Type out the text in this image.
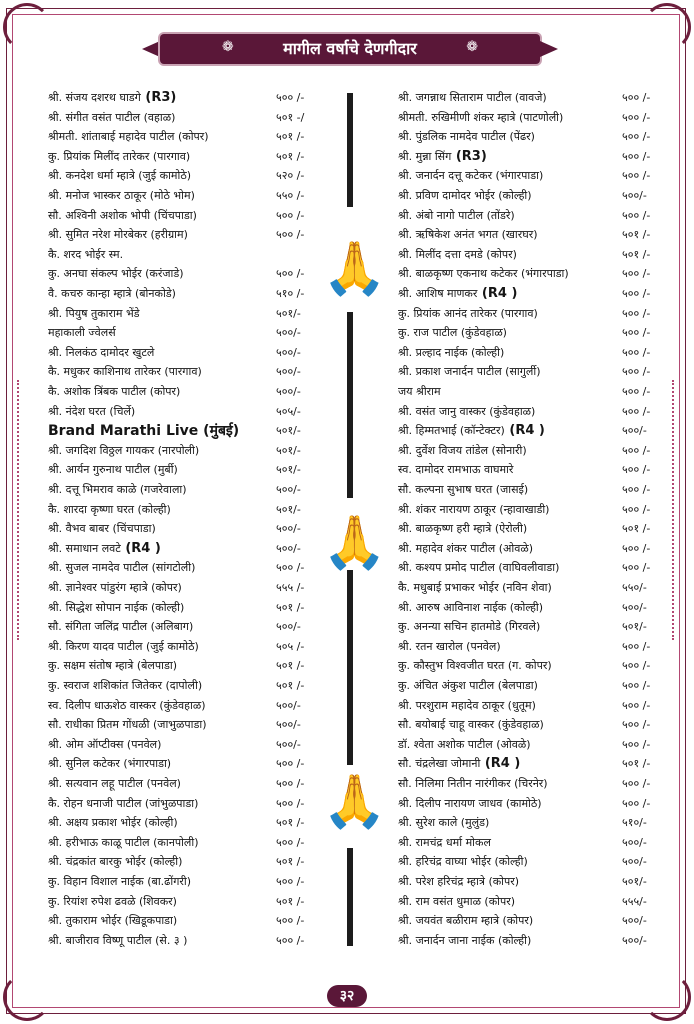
❁	मागील वर्षाचे देणगीदार	❁
🙏
🙏
🙏
श्री. संजय दशरथ घाडगे (R3)	५०० /-
श्री. संगीत वसंत पाटील (वहाळ)	५०१ -/
श्रीमती. शांताबाई महादेव पाटील (कोपर)	५०१ /-
कु. प्रियांक मिलींद तारेकर (पारगाव)	५०१ /-
श्री. कनदेश धर्मा म्हात्रे (जुई कामोठे)	५२० /-
श्री. मनोज भास्कर ठाकूर (मोठे भोम)	५५० /-
सौ. अश्विनी अशोक भोपी (चिंचपाडा)	५०० /-
श्री. सुमित नरेश मोरबेकर (हरीग्राम)	५०० /-
कै. शरद भोईर स्म.
कु. अनघा संकल्प भोईर (करंजाडे)	५०० /-
वै. कचरु कान्हा म्हात्रे (बोनकोडे)	५१० /-
श्री. पियुष तुकाराम भेंडे	५०१/-
महाकाली ज्वेलर्स	५००/-
श्री. निलकंठ दामोदर खुटले	५००/-
कै. मधुकर काशिनाथ तारेकर (पारगाव)	५००/-
कै. अशोक त्रिंबक पाटील (कोपर)	५००/-
श्री. नंदेश घरत (चिर्ले)	५०५/-
Brand Marathi Live (मुंबई)	५०१/-
श्री. जगदिश विठ्ठल गायकर (नारपोली)	५०१/-
श्री. आर्यन गुरुनाथ पाटील (मुर्बी)	५०१/-
श्री. दत्तू भिमराव काळे (गजरेवाला)	५००/-
कै. शारदा कृष्णा घरत (कोल्ही)	५०१/-
श्री. वैभव बाबर (चिंचपाडा)	५००/-
श्री. समाधान लवटे (R4 )	५००/-
श्री. सुजल नामदेव पाटील (सांगटोली)	५०० /-
श्री. ज्ञानेश्वर पांडुरंग म्हात्रे (कोपर)	५५५ /-
श्री. सिद्धेश सोपान नाईक (कोल्ही)	५०१ /-
सौ. संगिता जलिंद्र पाटील (अलिबाग)	५००/-
श्री. किरण यादव पाटील (जुई कामोठे)	५०५ /-
कु. सक्षम संतोष म्हात्रे (बेलपाडा)	५०१ /-
कु. स्वराज शशिकांत जितेकर (दापोली)	५०१ /-
स्व. दिलीप धाऊशेठ वास्कर (कुंडेवहाळ)	५००/-
सौ. राधीका प्रितम गोंधळी (जाभुळपाडा)	५००/-
श्री. ओम ऑप्टीक्स (पनवेल)	५००/-
श्री. सुनिल कटेकर (भंगारपाडा)	५०० /-
श्री. सत्यवान लहू पाटील (पनवेल)	५०० /-
कै. रोहन धनाजी पाटील (जांभुळपाडा)	५०० /-
श्री. अक्षय प्रकाश भोईर (कोल्ही)	५०१ /-
श्री. हरीभाऊ काळू पाटील (कानपोली)	५०० /-
श्री. चंद्रकांत बारकु भोईर (कोल्ही)	५०१ /-
कु. विहान विशाल नाईक (बा.ढोंगरी)	५०० /-
कु. रियांश रुपेश ढवळे (शिवकर)	५०१ /-
श्री. तुकाराम भोईर (खिडूकपाडा)	५०० /-
श्री. बाजीराव विष्णू पाटील (से. ३ )	५०० /-
श्री. जगन्नाथ सिताराम पाटील (वावजे)	५०० /-
श्रीमती. रुखिमीणी शंकर म्हात्रे (पाटणोली)	५०० /-
श्री. पुंडलिक नामदेव पाटील (पेंढर)	५०० /-
श्री. मुन्ना सिंग (R3)	५०० /-
श्री. जनार्दन दत्तू कटेकर (भंगारपाडा)	५०० /-
श्री. प्रविण दामोदर भोईर (कोल्ही)	५००/-
श्री. अंबो नागो पाटील (तोंडरे)	५०० /-
श्री. ऋषिकेश अनंत भगत (खारघर)	५०१ /-
श्री. मिलींद दत्ता दमडे (कोपर)	५०१ /-
श्री. बाळकृष्ण एकनाथ कटेकर (भंगारपाडा)	५०० /-
श्री. आशिष माणकर (R4 )	५०० /-
कु. प्रियांक आनंद तारेकर (पारगाव)	५०० /-
कु. राज पाटील (कुंडेवहाळ)	५०० /-
श्री. प्रल्हाद नाईक (कोल्ही)	५०० /-
श्री. प्रकाश जनार्दन पाटील (सागुर्ली)	५०० /-
जय श्रीराम	५०० /-
श्री. वसंत जानु वास्कर (कुंडेवहाळ)	५०० /-
श्री. हिम्मतभाई (कॉन्टेक्टर) (R4 )	५००/-
श्री. दुर्वेश विजय तांडेल (सोनारी)	५०० /-
स्व. दामोदर रामभाऊ वाघमारे	५०० /-
सौ. कल्पना सुभाष घरत (जासई)	५०० /-
श्री. शंकर नारायण ठाकूर (न्हावाखाडी)	५०० /-
श्री. बाळकृष्ण हरी म्हात्रे (ऐरोली)	५०१ /-
श्री. महादेव शंकर पाटील (ओवळे)	५०० /-
श्री. कश्यप प्रमोद पाटील (वाघिवलीवाडा)	५०० /-
कै. मधुबाई प्रभाकर भोईर (नविन शेवा)	५५०/-
श्री. आरुष आविनाश नाईक (कोल्ही)	५००/-
कु. अनन्या सचिन हातमोडे (गिरवले)	५०१/-
श्री. रतन खारोल (पनवेल)	५०० /-
कु. कौस्तुभ विश्वजीत घरत (ग. कोपर)	५०० /-
कु. अंचित अंकुश पाटील (बेलपाडा)	५०० /-
श्री. परशुराम महादेव ठाकूर (धुतूम)	५०० /-
सौ. बयोबाई चाहू वास्कर (कुंडेवहाळ)	५०० /-
डॉ. श्वेता अशोक पाटील (ओवळे)	५०० /-
सौ. चंद्रलेखा जोमानी (R4 )	५०१ /-
सौ. निलिमा नितीन नारंगीकर (चिरनेर)	५०० /-
श्री. दिलीप नारायण जाधव (कामोठे)	५०० /-
श्री. सुरेश काले (मुलुंड)	५१०/-
श्री. रामचंद्र धर्मा मोकल	५००/-
श्री. हरिचंद्र वाघ्या भोईर (कोल्ही)	५००/-
श्री. परेश हरिचंद्र म्हात्रे (कोपर)	५०१/-
श्री. राम वसंत धुमाळ (कोपर)	५५५/-
श्री. जयवंत बळीराम म्हात्रे (कोपर)	५००/-
श्री. जनार्दन जाना नाईक (कोल्ही)	५००/-
३२
